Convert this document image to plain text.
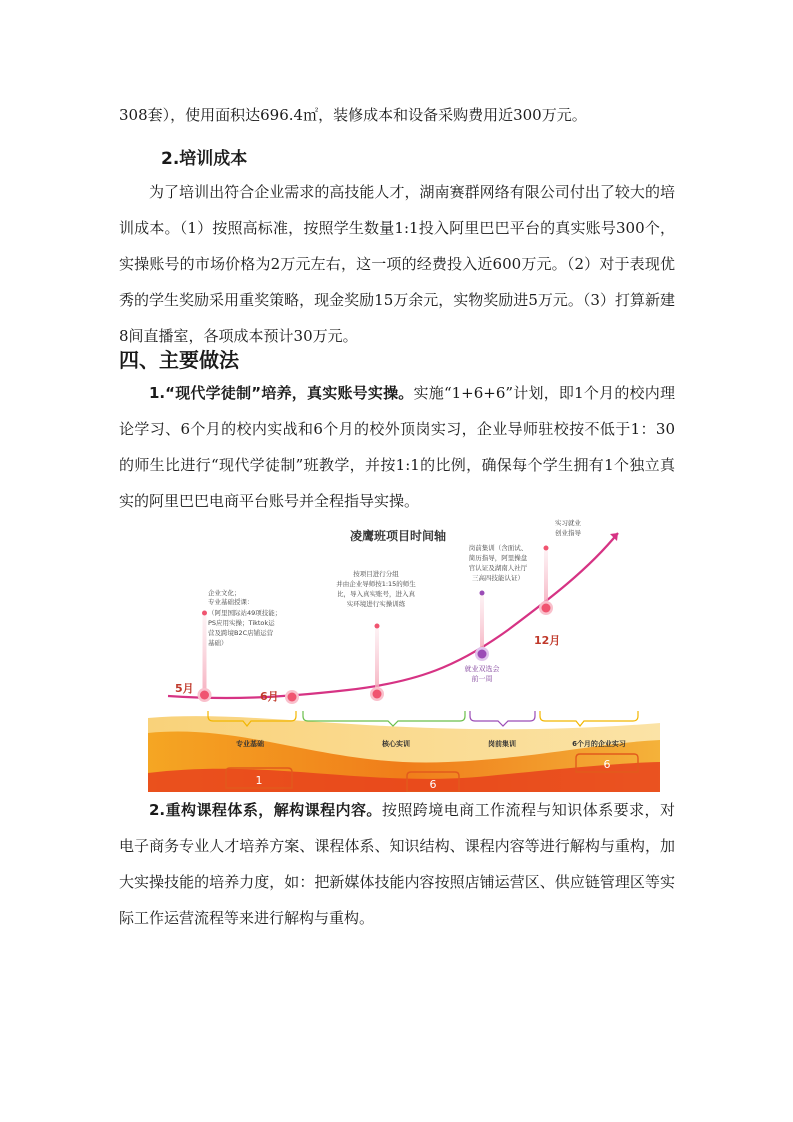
308套），使用面积达696.4㎡，装修成本和设备采购费用近300万元。

2.培训成本

为了培训出符合企业需求的高技能人才，湖南赛群网络有限公司付出了较大的培训成本。（1）按照高标准，按照学生数量1:1投入阿里巴巴平台的真实账号300个，实操账号的市场价格为2万元左右，这一项的经费投入近600万元。（2）对于表现优秀的学生奖励采用重奖策略，现金奖励15万余元，实物奖励进5万元。（3）打算新建8间直播室，各项成本预计30万元。

四、主要做法

1.“现代学徒制”培养，真实账号实操。实施“1+6+6”计划，即1个月的校内理论学习、6个月的校内实战和6个月的校外顶岗实习，企业导师驻校按不低于1：30的师生比进行“现代学徒制”班教学，并按1:1的比例，确保每个学生拥有1个独立真实的阿里巴巴电商平台账号并全程指导实操。

凌鹰班项目时间轴
5月
6月
12月
企业文化；
专业基础授课：
（阿里国际站49项技能；
PS应用实操；Tiktok运
营及跨境B2C店铺运营
基础）
按项目进行分组
并由企业导师按1:15的师生
比，导入真实账号，进入真
实环境进行实操训练
岗前集训（含面试、
简历指导，阿里操盘
官认证及湖南人社厅
三高四技能认证）
实习就业
创业指导
就业双选会
前一周
专业基础	核心实训	岗前集训	6个月的企业实习
1	6
6

2.重构课程体系，解构课程内容。按照跨境电商工作流程与知识体系要求，对电子商务专业人才培养方案、课程体系、知识结构、课程内容等进行解构与重构，加大实操技能的培养力度，如：把新媒体技能内容按照店铺运营区、供应链管理区等实际工作运营流程等来进行解构与重构。
